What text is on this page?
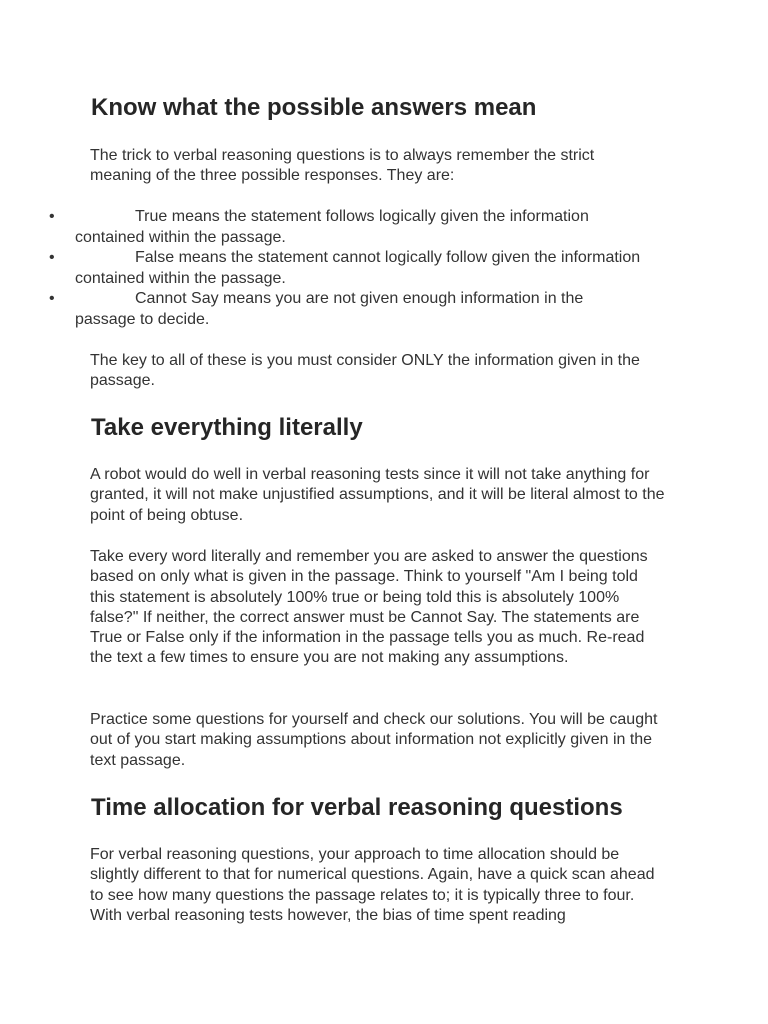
Know what the possible answers mean

The trick to verbal reasoning questions is to always remember the strict meaning of the three possible responses. They are:

•	True means the statement follows logically given the information
contained within the passage.
•	False means the statement cannot logically follow given the information
contained within the passage.
•	Cannot Say means you are not given enough information in the
passage to decide.

The key to all of these is you must consider ONLY the information given in the passage.

Take everything literally

A robot would do well in verbal reasoning tests since it will not take anything for granted, it will not make unjustified assumptions, and it will be literal almost to the point of being obtuse.

Take every word literally and remember you are asked to answer the questions based on only what is given in the passage. Think to yourself "Am I being told this statement is absolutely 100% true or being told this is absolutely 100% false?" If neither, the correct answer must be Cannot Say. The statements are True or False only if the information in the passage tells you as much. Re-read the text a few times to ensure you are not making any assumptions.

Practice some questions for yourself and check our solutions. You will be caught out of you start making assumptions about information not explicitly given in the text passage.

Time allocation for verbal reasoning questions

For verbal reasoning questions, your approach to time allocation should be slightly different to that for numerical questions. Again, have a quick scan ahead to see how many questions the passage relates to; it is typically three to four. With verbal reasoning tests however, the bias of time spent reading
